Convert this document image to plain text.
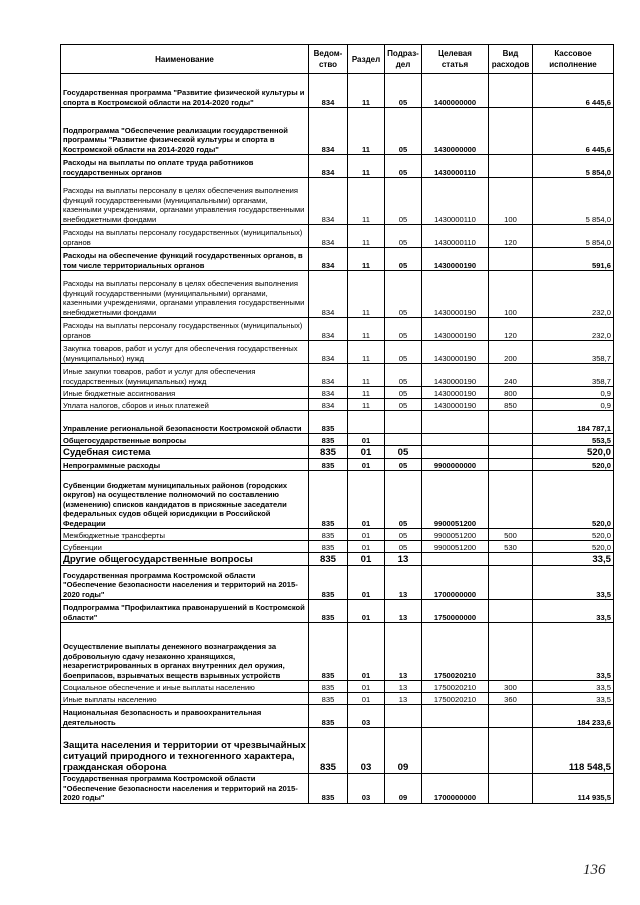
Наименование	Ведом-ство	Раздел	Подраз-дел	Целевая статья	Вид расходов	Кассовое исполнение
Государственная программа "Развитие физической культуры и спорта в Костромской области на 2014-2020 годы"	834	11	05	1400000000		6 445,6
Подпрограмма "Обеспечение реализации государственной программы "Развитие физической культуры и спорта в Костромской области на 2014-2020 годы"	834	11	05	1430000000		6 445,6
Расходы на выплаты по оплате труда работников государственных органов	834	11	05	1430000110		5 854,0
Расходы на выплаты персоналу в целях обеспечения выполнения функций государственными (муниципальными) органами, казенными учреждениями, органами управления государственными внебюджетными фондами	834	11	05	1430000110	100	5 854,0
Расходы на выплаты персоналу государственных (муниципальных) органов	834	11	05	1430000110	120	5 854,0
Расходы на обеспечение функций государственных органов, в том числе территориальных органов	834	11	05	1430000190		591,6
Расходы на выплаты персоналу в целях обеспечения выполнения функций государственными (муниципальными) органами, казенными учреждениями, органами управления государственными внебюджетными фондами	834	11	05	1430000190	100	232,0
Расходы на выплаты персоналу государственных (муниципальных) органов	834	11	05	1430000190	120	232,0
Закупка товаров, работ и услуг для обеспечения государственных (муниципальных) нужд	834	11	05	1430000190	200	358,7
Иные закупки товаров, работ и услуг для обеспечения государственных (муниципальных) нужд	834	11	05	1430000190	240	358,7
Иные бюджетные ассигнования	834	11	05	1430000190	800	0,9
Уплата налогов, сборов и иных платежей	834	11	05	1430000190	850	0,9
Управление региональной безопасности Костромской области	835					184 787,1
Общегосударственные вопросы	835	01				553,5
Судебная система	835	01	05			520,0
Непрограммные расходы	835	01	05	9900000000		520,0
Субвенции бюджетам муниципальных районов (городских округов) на осуществление полномочий по составлению (изменению) списков кандидатов в присяжные заседатели федеральных судов общей юрисдикции в Российской Федерации	835	01	05	9900051200		520,0
Межбюджетные трансферты	835	01	05	9900051200	500	520,0
Субвенции	835	01	05	9900051200	530	520,0
Другие общегосударственные вопросы	835	01	13			33,5
Государственная программа Костромской области "Обеспечение безопасности населения и территорий на 2015-2020 годы"	835	01	13	1700000000		33,5
Подпрограмма "Профилактика правонарушений в Костромской области"	835	01	13	1750000000		33,5
Осуществление выплаты денежного вознаграждения за добровольную сдачу незаконно хранящихся, незарегистрированных в органах внутренних дел оружия, боеприпасов, взрывчатых веществ взрывных устройств	835	01	13	1750020210		33,5
Социальное обеспечение и иные выплаты населению	835	01	13	1750020210	300	33,5
Иные выплаты населению	835	01	13	1750020210	360	33,5
Национальная безопасность и правоохранительная деятельность	835	03				184 233,6
Защита населения и территории от чрезвычайных ситуаций природного и техногенного характера, гражданская оборона	835	03	09			118 548,5
Государственная программа Костромской области "Обеспечение безопасности населения и территорий на 2015-2020 годы"	835	03	09	1700000000		114 935,5
136
